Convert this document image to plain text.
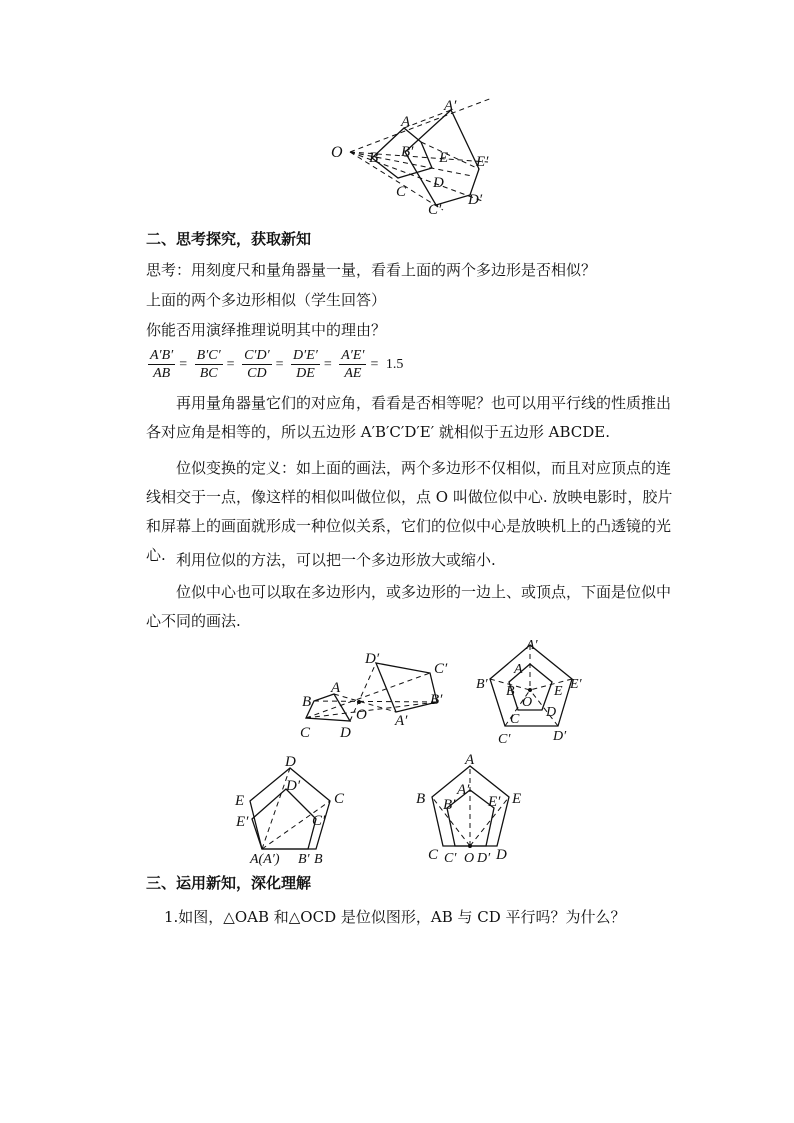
O
A
A′
B B′ E E′
C
D
C′
D′
二、思考探究，获取新知
思考：用刻度尺和量角器量一量，看看上面的两个多边形是否相似？
上面的两个多边形相似（学生回答）
你能否用演绎推理说明其中的理由？
$\frac{A'B'}{AB} = \frac{B'C'}{BC} = \frac{C'D'}{CD} = \frac{D'E'}{DE} = \frac{A'E'}{AE} = 1.5$
再用量角器量它们的对应角，看看是否相等呢？也可以用平行线的性质推出各对应角是相等的，所以五边形 A′B′C′D′E′ 就相似于五边形 ABCDE.
位似变换的定义：如上面的画法，两个多边形不仅相似，而且对应顶点的连线相交于一点，像这样的相似叫做位似，点 O 叫做位似中心. 放映电影时，胶片和屏幕上的画面就形成一种位似关系，它们的位似中心是放映机上的凸透镜的光心. 利用位似的方法，可以把一个多边形放大或缩小.
位似中心也可以取在多边形内，或多边形的一边上、或顶点，下面是位似中心不同的画法.
D′
C′
B
A
O
B′
A′
C D
A′
A
B′ B
O
E E′
C D
C′	D′
D
D′
E	C
E′	C′
A(A′) B′ B
A
A′
B B′ E′ E
C C′ O D′ D
三、运用新知，深化理解
1.如图，△OAB 和△OCD 是位似图形，AB 与 CD 平行吗？为什么？
